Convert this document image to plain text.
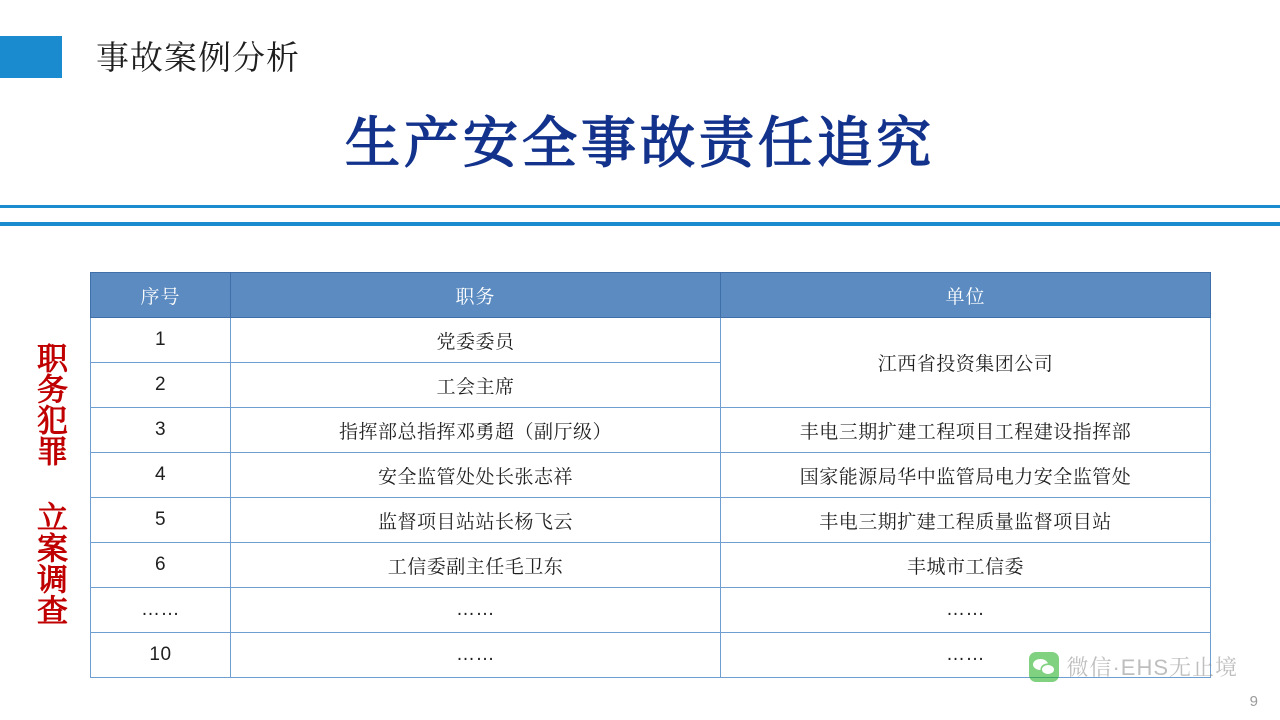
事故案例分析
生产安全事故责任追究
职务犯罪 立案调查
序号	职务	单位
1	党委委员	江西省投资集团公司
2	工会主席	
3	指挥部总指挥邓勇超（副厅级）	丰电三期扩建工程项目工程建设指挥部
4	安全监管处处长张志祥	国家能源局华中监管局电力安全监管处
5	监督项目站站长杨飞云	丰电三期扩建工程质量监督项目站
6	工信委副主任毛卫东	丰城市工信委
……	……	……
10	……	……
微信·EHS无止境
9
